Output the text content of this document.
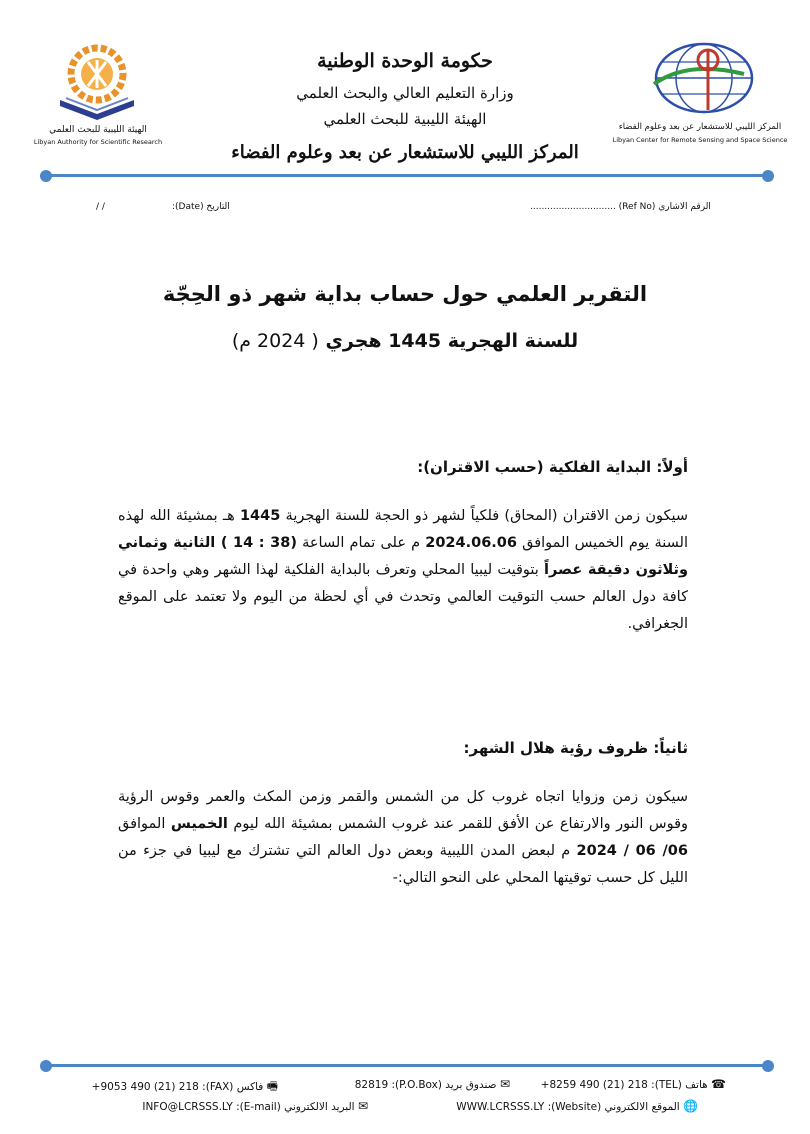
حكومة الوحدة الوطنية
وزارة التعليم العالي والبحث العلمي
الهيئة الليبية للبحث العلمي
المركز الليبي للاستشعار عن بعد وعلوم الفضاء
الهيئة الليبية للبحث العلمي
Libyan Authority for Scientific Research
المركز الليبي للاستشعار عن بعد وعلوم الفضاء
Libyan Center for Remote Sensing and Space Science
الرقم الاشاري (Ref No) ..............................
التاريخ (Date):
/ /
التقرير العلمي حول حساب بداية شهر ذو الحِجّة
للسنة الهجرية 1445 هجري ( 2024 م)
أولاً: البداية الفلكية (حسب الاقتران):
سيكون زمن الاقتران (المحاق) فلكياً لشهر ذو الحجة للسنة الهجرية 1445 هـ بمشيئة الله لهذه السنة يوم الخميس الموافق 2024.06.06 م على تمام الساعة (38 : 14 ) الثانية وثماني وثلاثون دقيقة عصراً بتوقيت ليبيا المحلي وتعرف بالبداية الفلكية لهذا الشهر وهي واحدة في كافة دول العالم حسب التوقيت العالمي وتحدث في أي لحظة من اليوم ولا تعتمد على الموقع الجغرافي.
ثانياً: ظروف رؤية هلال الشهر:
سيكون زمن وزوايا اتجاه غروب كل من الشمس والقمر وزمن المكث والعمر وقوس الرؤية وقوس النور والارتفاع عن الأفق للقمر عند غروب الشمس بمشيئة الله ليوم الخميس الموافق 06/ 06 / 2024 م لبعض المدن الليبية وبعض دول العالم التي تشترك مع ليبيا في جزء من الليل كل حسب توقيتها المحلي على النحو التالي:-
☎ هاتف (TEL): 8259 490 (21) 218+
✉ صندوق بريد (P.O.Box): 82819
🖷 فاكس (FAX): 9053 490 (21) 218+
🌐 الموقع الالكتروني (Website): WWW.LCRSSS.LY
✉ البريد الالكتروني (E-mail): INFO@LCRSSS.LY
